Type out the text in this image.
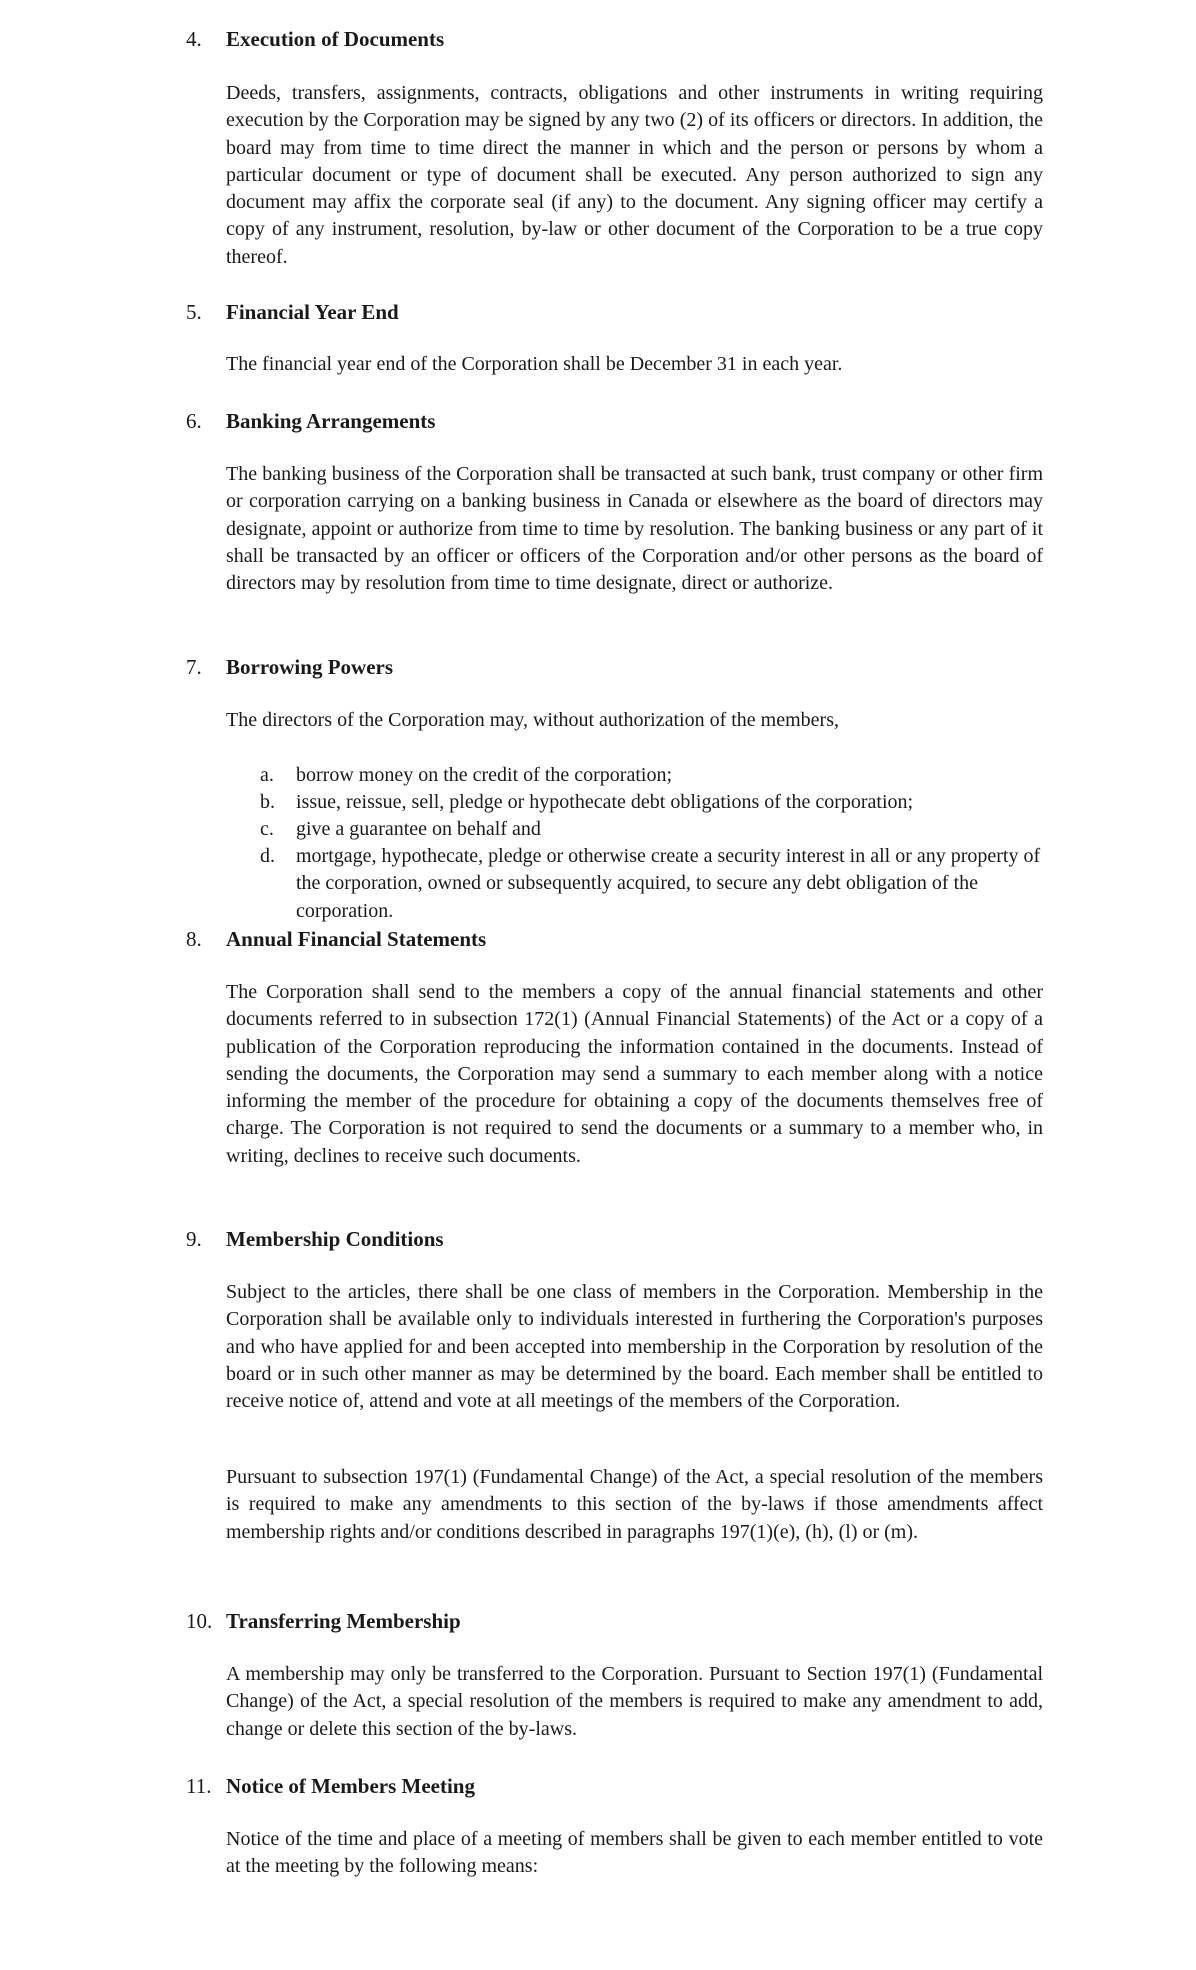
4. Execution of Documents

Deeds, transfers, assignments, contracts, obligations and other instruments in writing requiring execution by the Corporation may be signed by any two (2) of its officers or directors. In addition, the board may from time to time direct the manner in which and the person or persons by whom a particular document or type of document shall be executed. Any person authorized to sign any document may affix the corporate seal (if any) to the document. Any signing officer may certify a copy of any instrument, resolution, by-law or other document of the Corporation to be a true copy thereof.

5. Financial Year End

The financial year end of the Corporation shall be December 31 in each year.

6. Banking Arrangements

The banking business of the Corporation shall be transacted at such bank, trust company or other firm or corporation carrying on a banking business in Canada or elsewhere as the board of directors may designate, appoint or authorize from time to time by resolution. The banking business or any part of it shall be transacted by an officer or officers of the Corporation and/or other persons as the board of directors may by resolution from time to time designate, direct or authorize.

7. Borrowing Powers

The directors of the Corporation may, without authorization of the members,

a. borrow money on the credit of the corporation;
b. issue, reissue, sell, pledge or hypothecate debt obligations of the corporation;
c. give a guarantee on behalf and
d. mortgage, hypothecate, pledge or otherwise create a security interest in all or any property of the corporation, owned or subsequently acquired, to secure any debt obligation of the corporation.
8. Annual Financial Statements

The Corporation shall send to the members a copy of the annual financial statements and other documents referred to in subsection 172(1) (Annual Financial Statements) of the Act or a copy of a publication of the Corporation reproducing the information contained in the documents. Instead of sending the documents, the Corporation may send a summary to each member along with a notice informing the member of the procedure for obtaining a copy of the documents themselves free of charge. The Corporation is not required to send the documents or a summary to a member who, in writing, declines to receive such documents.

9. Membership Conditions

Subject to the articles, there shall be one class of members in the Corporation. Membership in the Corporation shall be available only to individuals interested in furthering the Corporation's purposes and who have applied for and been accepted into membership in the Corporation by resolution of the board or in such other manner as may be determined by the board. Each member shall be entitled to receive notice of, attend and vote at all meetings of the members of the Corporation.

Pursuant to subsection 197(1) (Fundamental Change) of the Act, a special resolution of the members is required to make any amendments to this section of the by-laws if those amendments affect membership rights and/or conditions described in paragraphs 197(1)(e), (h), (l) or (m).

10. Transferring Membership

A membership may only be transferred to the Corporation. Pursuant to Section 197(1) (Fundamental Change) of the Act, a special resolution of the members is required to make any amendment to add, change or delete this section of the by-laws.

11. Notice of Members Meeting

Notice of the time and place of a meeting of members shall be given to each member entitled to vote at the meeting by the following means:
